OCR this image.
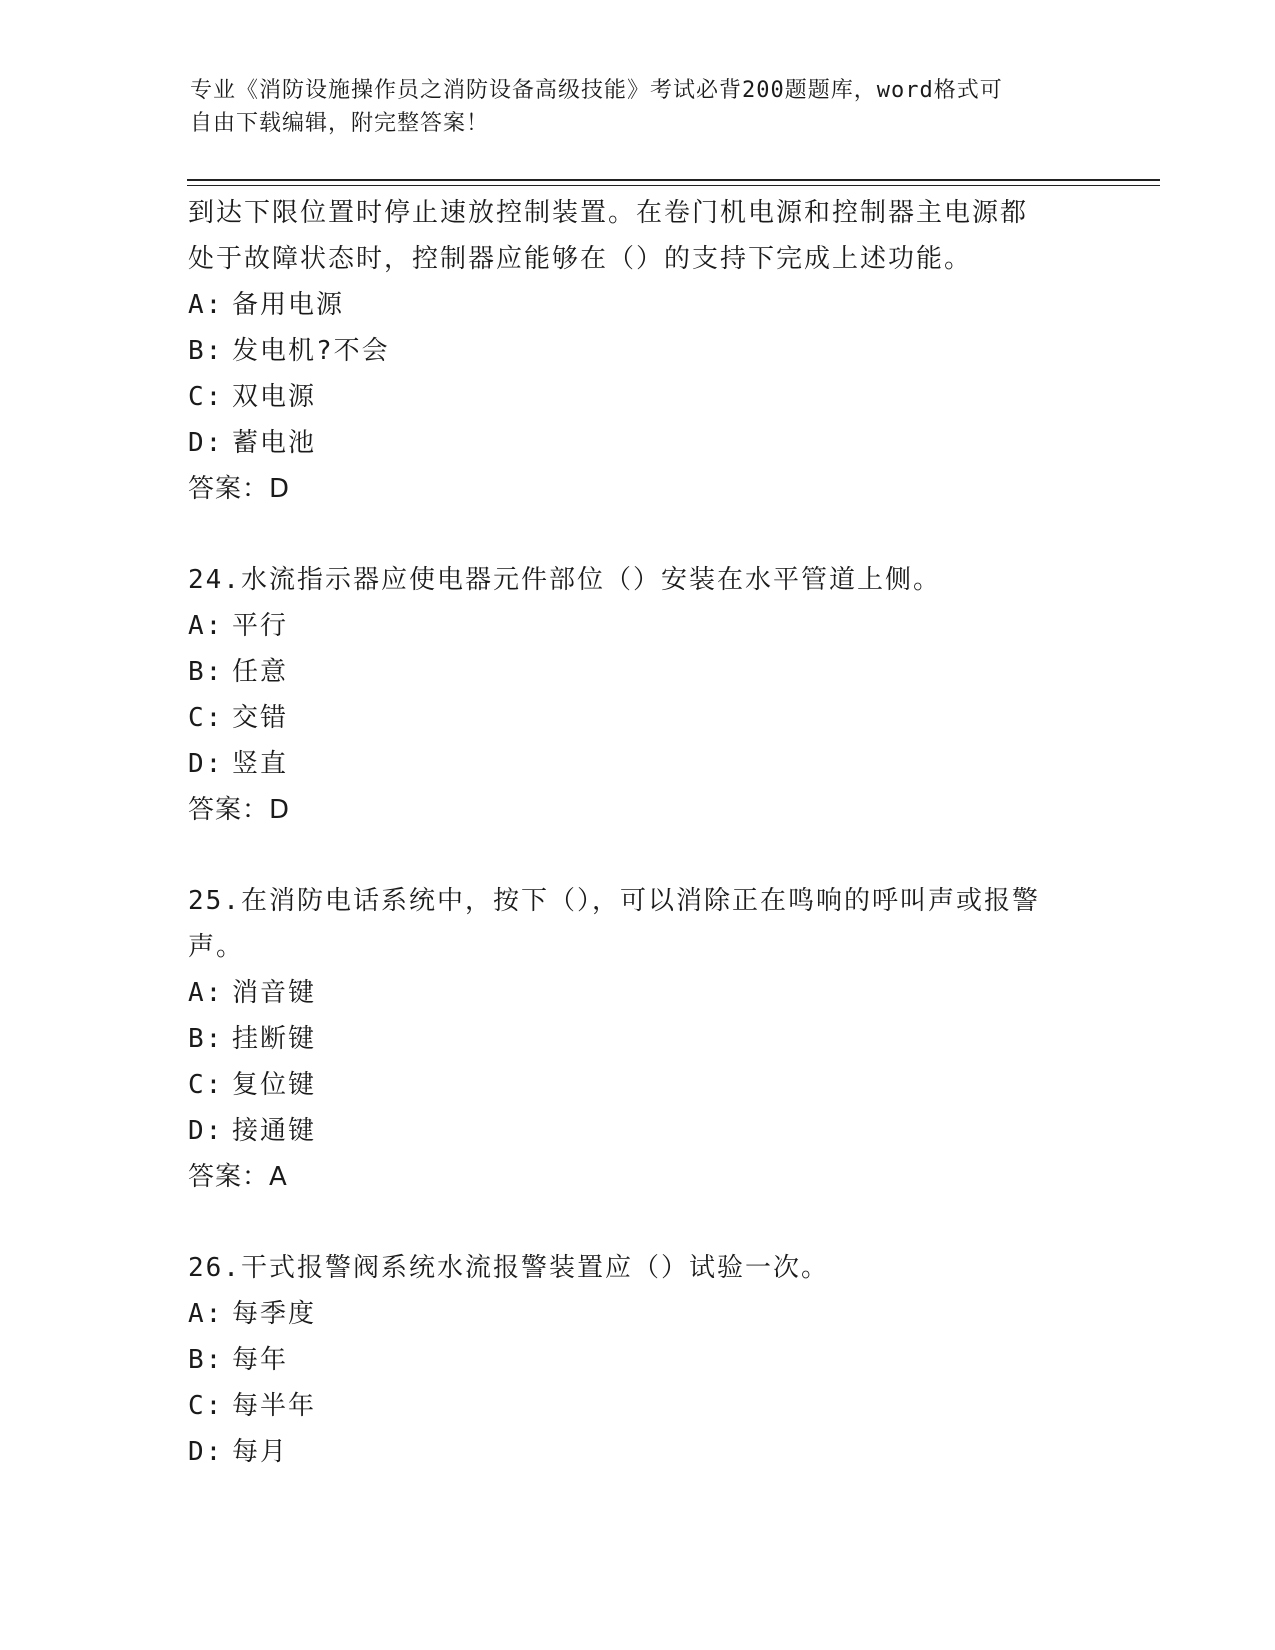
专业《消防设施操作员之消防设备高级技能》考试必背200题题库，word格式可
自由下载编辑，附完整答案！
到达下限位置时停止速放控制装置。在卷门机电源和控制器主电源都
处于故障状态时，控制器应能够在（）的支持下完成上述功能。
A: 备用电源
B: 发电机?不会
C: 双电源
D: 蓄电池
答案：D
24.水流指示器应使电器元件部位（）安装在水平管道上侧。
A: 平行
B: 任意
C: 交错
D: 竖直
答案：D
25.在消防电话系统中，按下（），可以消除正在鸣响的呼叫声或报警
声。
A: 消音键
B: 挂断键
C: 复位键
D: 接通键
答案：A
26.干式报警阀系统水流报警装置应（）试验一次。
A: 每季度
B: 每年
C: 每半年
D: 每月
